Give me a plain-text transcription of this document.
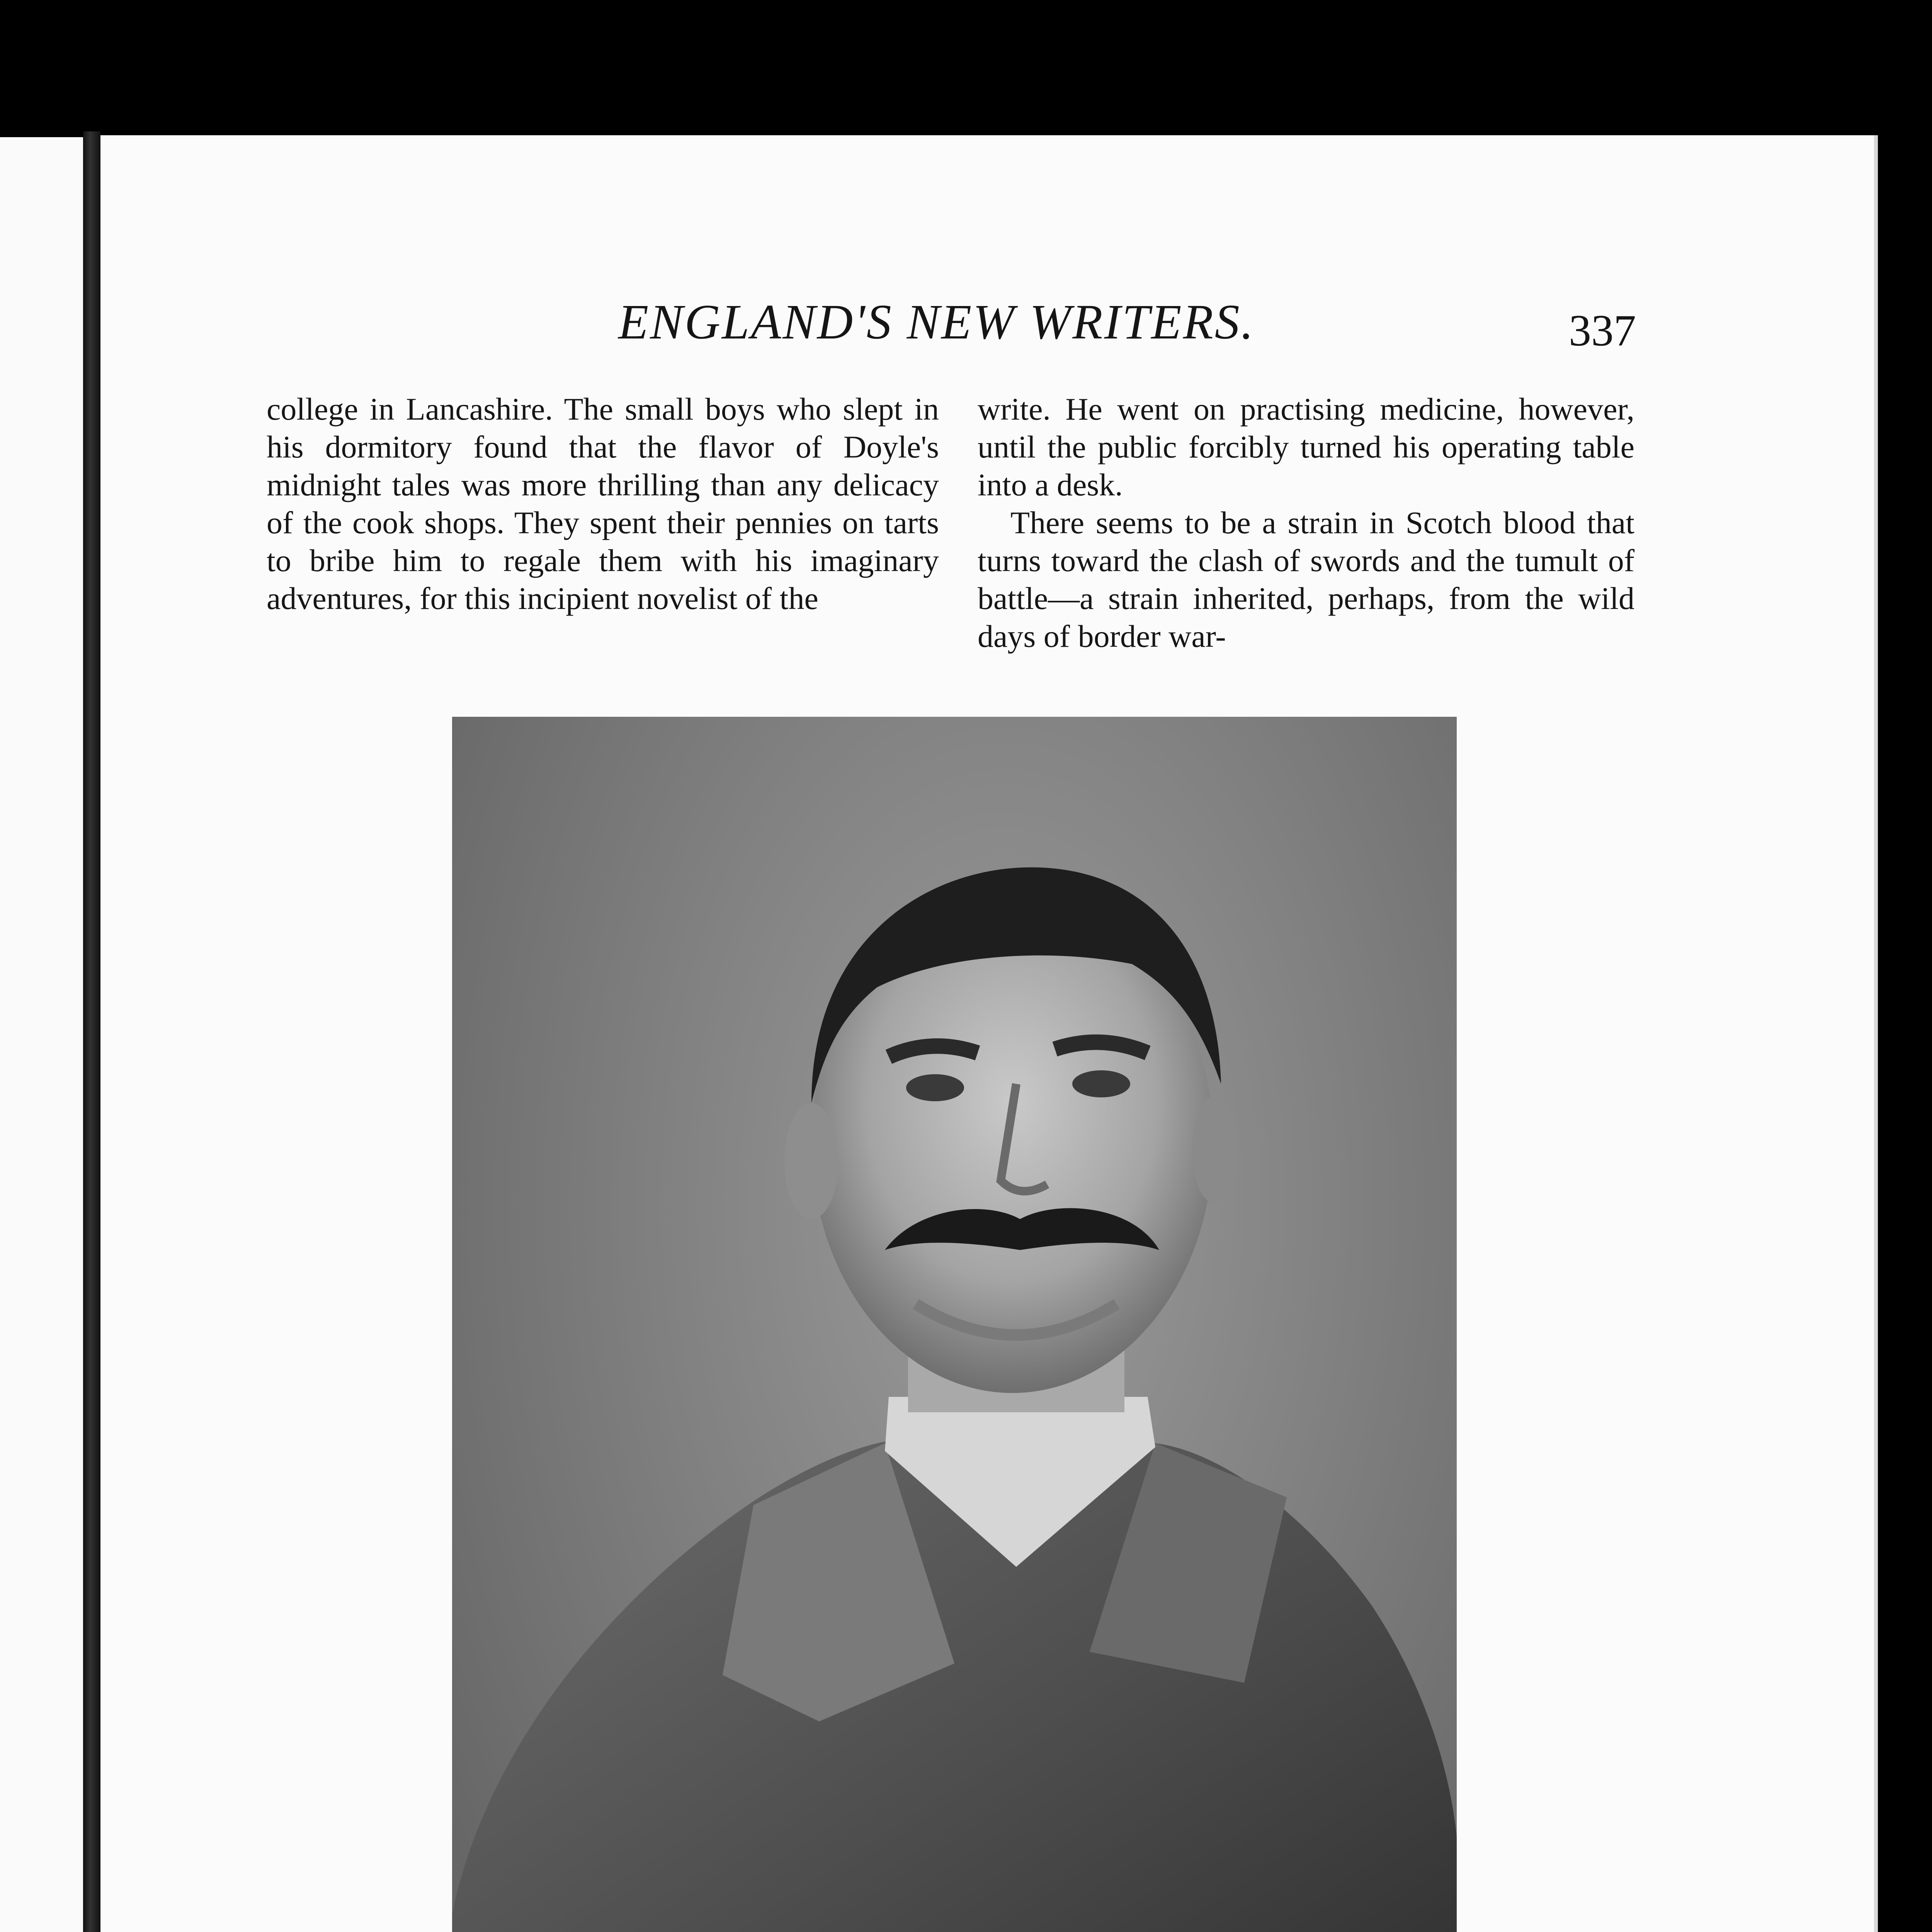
ENGLAND'S NEW WRITERS.	337

college in Lancashire. The small boys who slept in his dormitory found that the flavor of Doyle's midnight tales was more thrilling than any delicacy of the cook shops. They spent their pennies on tarts to bribe him to regale them with his imaginary adventures, for this incipient novelist of the

write. He went on practising medicine, however, until the public forcibly turned his operating table into a desk.

There seems to be a strain in Scotch blood that turns toward the clash of swords and the tumult of battle—a strain inherited, perhaps, from the wild days of border war-
